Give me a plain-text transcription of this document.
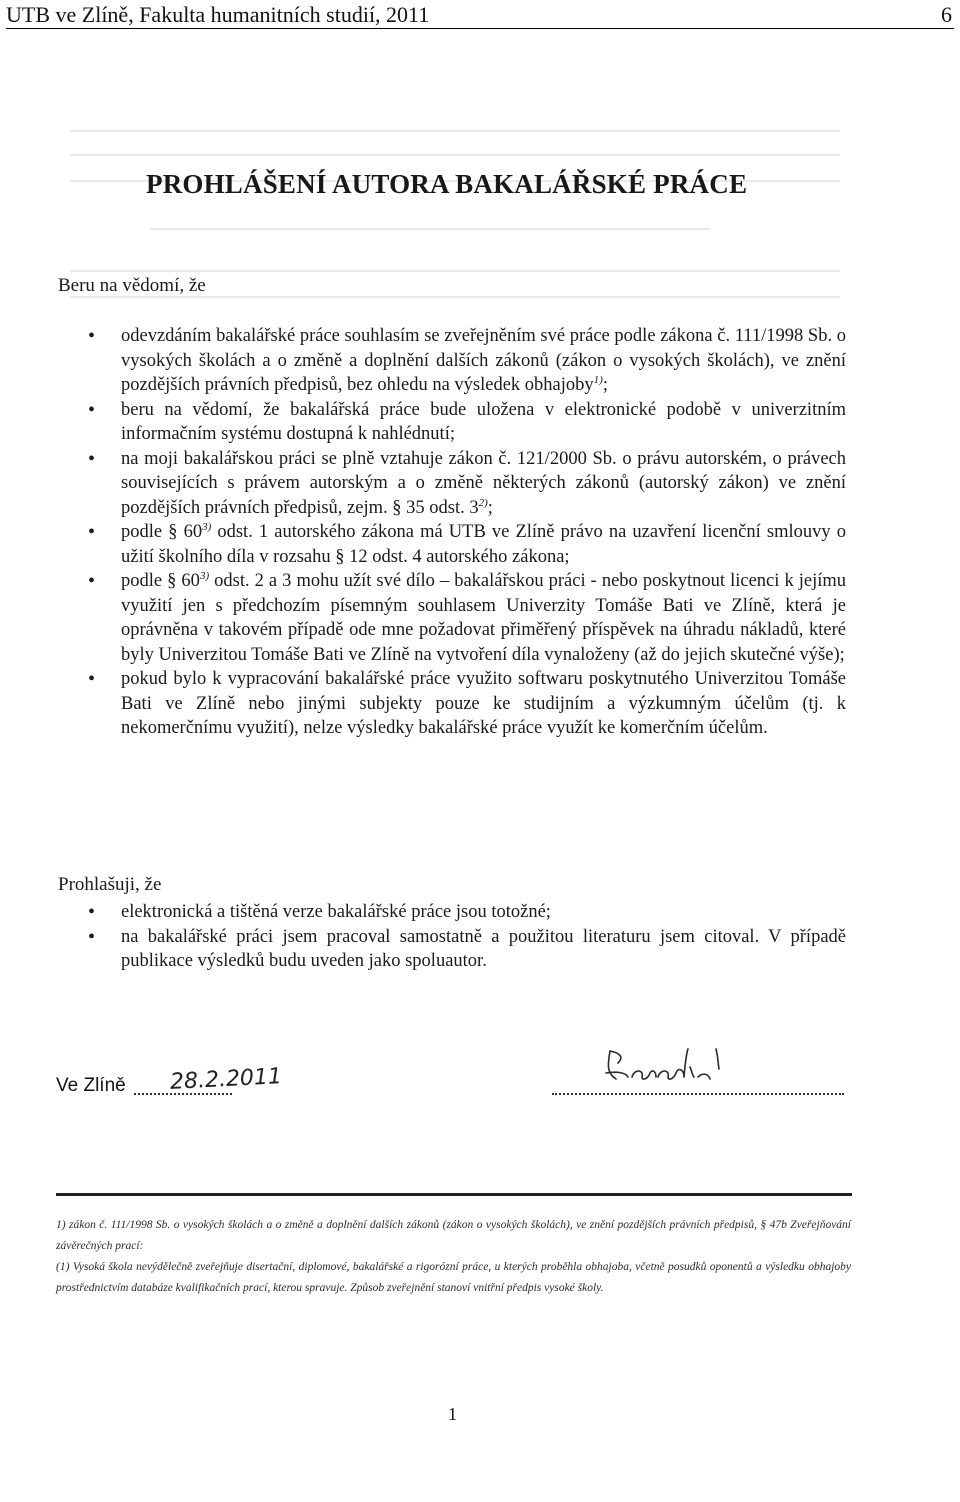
UTB ve Zlíně, Fakulta humanitních studií, 2011	6
PROHLÁŠENÍ AUTORA BAKALÁŘSKÉ PRÁCE
Beru na vědomí, že
• odevzdáním bakalářské práce souhlasím se zveřejněním své práce podle zákona č. 111/1998 Sb. o vysokých školách a o změně a doplnění dalších zákonů (zákon o vysokých školách), ve znění pozdějších právních předpisů, bez ohledu na výsledek obhajoby$^{1)}$;
• beru na vědomí, že bakalářská práce bude uložena v elektronické podobě v univerzitním informačním systému dostupná k nahlédnutí;
• na moji bakalářskou práci se plně vztahuje zákon č. 121/2000 Sb. o právu autorském, o právech souvisejících s právem autorským a o změně některých zákonů (autorský zákon) ve znění pozdějších právních předpisů, zejm. § 35 odst. 3$^{2)}$;
• podle § 60$^{3)}$ odst. 1 autorského zákona má UTB ve Zlíně právo na uzavření licenční smlouvy o užití školního díla v rozsahu § 12 odst. 4 autorského zákona;
• podle § 60$^{3)}$ odst. 2 a 3 mohu užít své dílo – bakalářskou práci - nebo poskytnout licenci k jejímu využití jen s předchozím písemným souhlasem Univerzity Tomáše Bati ve Zlíně, která je oprávněna v takovém případě ode mne požadovat přiměřený příspěvek na úhradu nákladů, které byly Univerzitou Tomáše Bati ve Zlíně na vytvoření díla vynaloženy (až do jejich skutečné výše);
• pokud bylo k vypracování bakalářské práce využito softwaru poskytnutého Univerzitou Tomáše Bati ve Zlíně nebo jinými subjekty pouze ke studijním a výzkumným účelům (tj. k nekomerčnímu využití), nelze výsledky bakalářské práce využít ke komerčním účelům.
Prohlašuji, že
• elektronická a tištěná verze bakalářské práce jsou totožné;
• na bakalářské práci jsem pracoval samostatně a použitou literaturu jsem citoval. V případě publikace výsledků budu uveden jako spoluautor.
Ve Zlíně 28.2.2011

1) zákon č. 111/1998 Sb. o vysokých školách a o změně a doplnění dalších zákonů (zákon o vysokých školách), ve znění pozdějších právních předpisů, § 47b Zveřejňování závěrečných prací:

(1) Vysoká škola nevýdělečně zveřejňuje disertační, diplomové, bakalářské a rigorózní práce, u kterých proběhla obhajoba, včetně posudků oponentů a výsledku obhajoby prostřednictvím databáze kvalifikačních prací, kterou spravuje. Způsob zveřejnění stanoví vnitřní předpis vysoké školy.

1
